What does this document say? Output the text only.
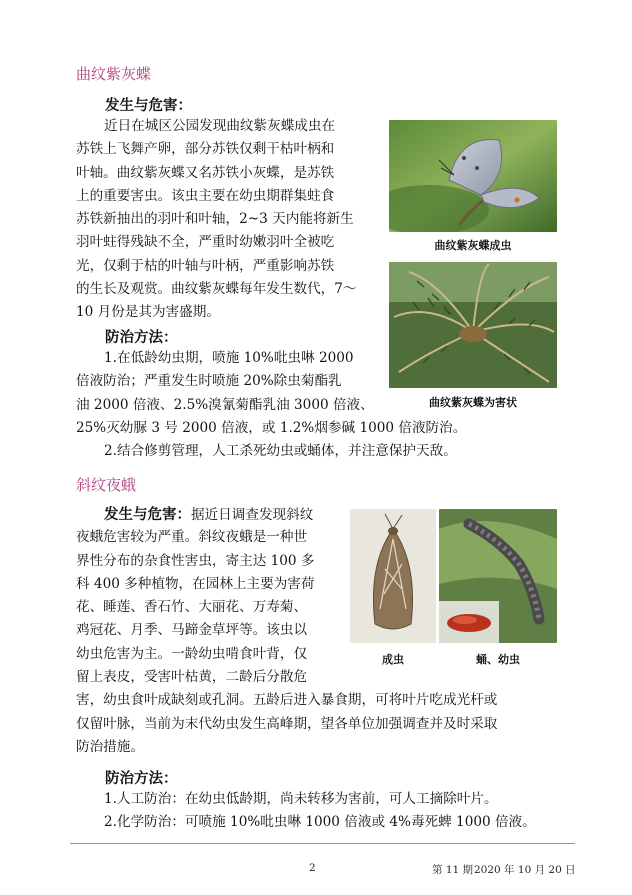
曲纹紫灰蝶
发生与危害：
近日在城区公园发现曲纹紫灰蝶成虫在
苏铁上飞舞产卵，部分苏铁仅剩干枯叶柄和
叶轴。曲纹紫灰蝶又名苏铁小灰蝶，是苏铁
上的重要害虫。该虫主要在幼虫期群集蛀食
苏铁新抽出的羽叶和叶轴，2~3 天内能将新生
羽叶蛀得残缺不全，严重时幼嫩羽叶全被吃
光，仅剩于枯的叶轴与叶柄，严重影响苏铁
的生长及观赏。曲纹紫灰蝶每年发生数代，7～
10 月份是其为害盛期。
防治方法：
1.在低龄幼虫期，喷施 10%吡虫啉 2000
倍液防治；严重发生时喷施 20%除虫菊酯乳
油 2000 倍液、2.5%溴氰菊酯乳油 3000 倍液、
25%灭幼脲 3 号 2000 倍液，或 1.2%烟参碱 1000 倍液防治。
2.结合修剪管理，人工杀死幼虫或蛹体，并注意保护天敌。
曲纹紫灰蝶成虫
曲纹紫灰蝶为害状
斜纹夜蛾
发生与危害：据近日调查发现斜纹
夜蛾危害较为严重。斜纹夜蛾是一种世
界性分布的杂食性害虫，寄主达 100 多
科 400 多种植物，在园林上主要为害荷
花、睡莲、香石竹、大丽花、万寿菊、
鸡冠花、月季、马蹄金草坪等。该虫以
幼虫危害为主。一龄幼虫啃食叶背，仅
留上表皮，受害叶枯黄，二龄后分散危
害，幼虫食叶成缺刻或孔洞。五龄后进入暴食期，可将叶片吃成光杆或
仅留叶脉，当前为末代幼虫发生高峰期，望各单位加强调查并及时采取
防治措施。
防治方法：
1.人工防治：在幼虫低龄期，尚未转移为害前，可人工摘除叶片。
2.化学防治：可喷施 10%吡虫啉 1000 倍液或 4%毒死蜱 1000 倍液。
成虫	蛹、幼虫
2	第 11 期 2020 年 10 月 20 日
